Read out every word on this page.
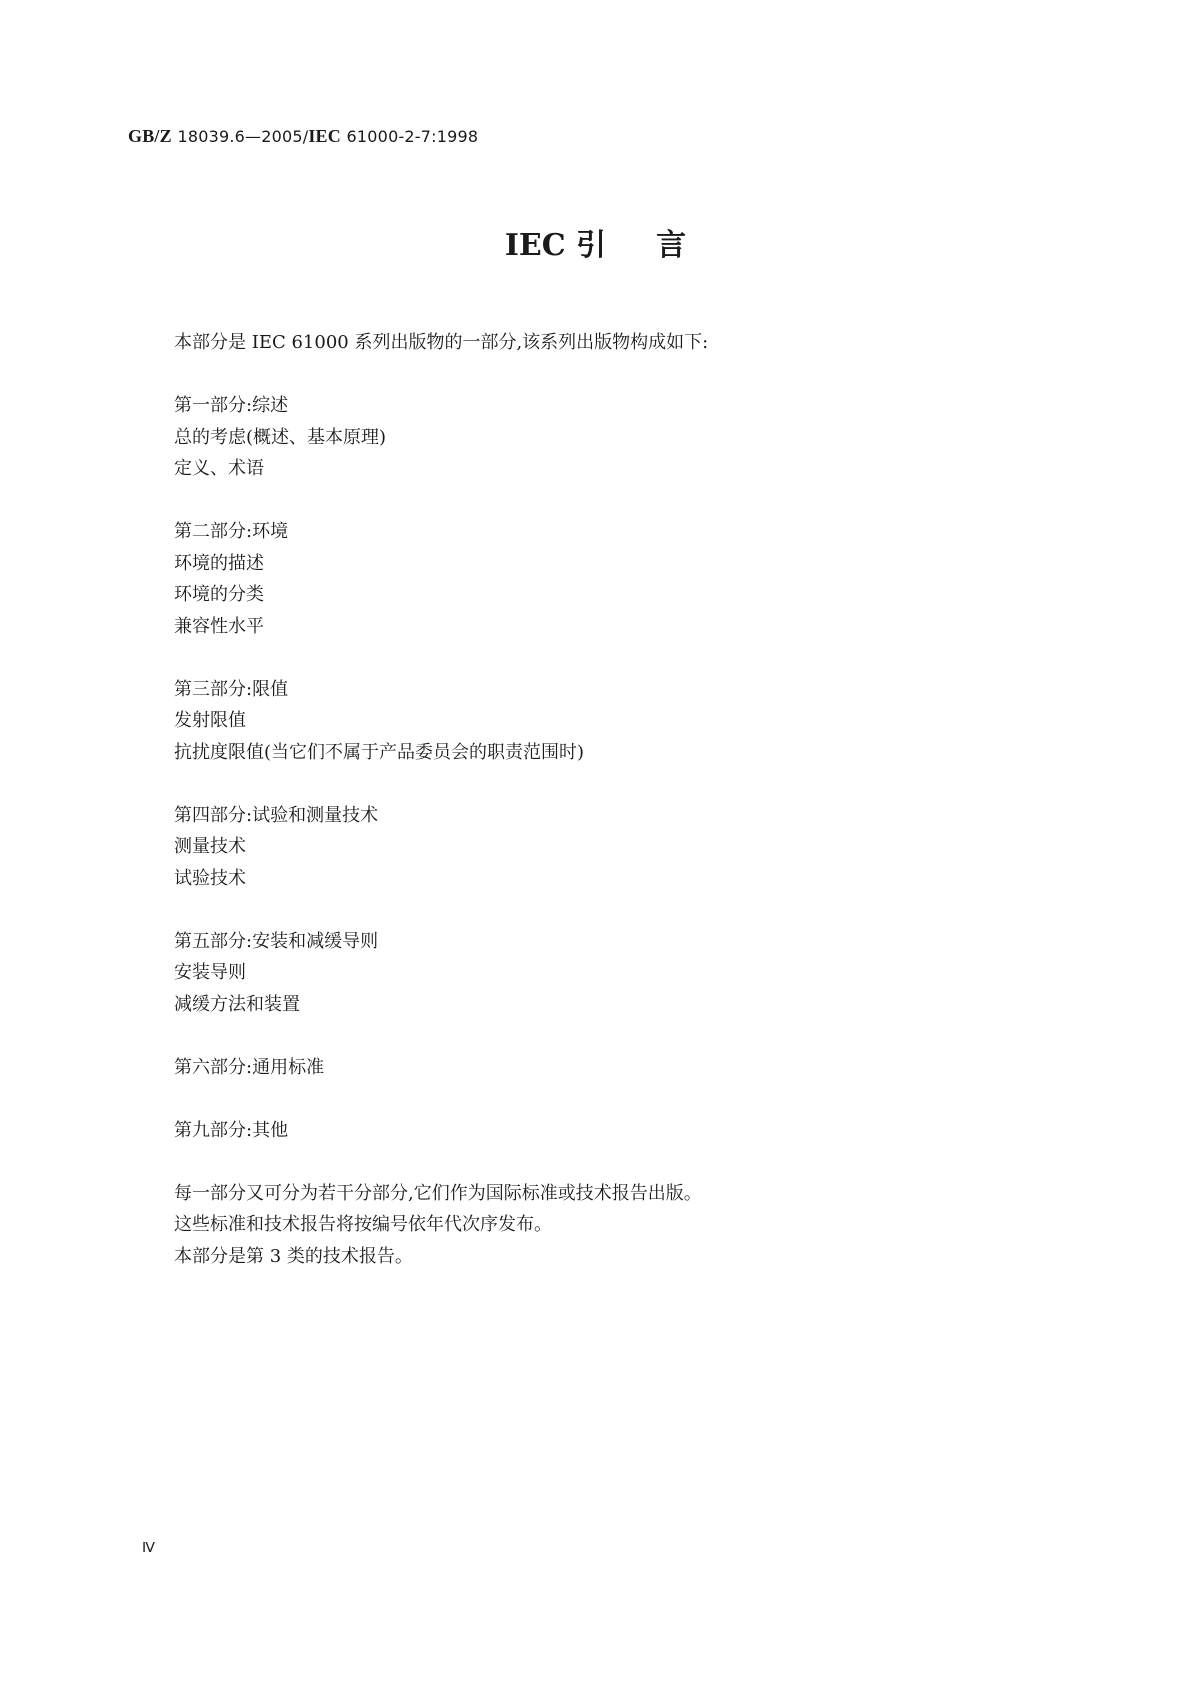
GB/Z 18039.6—2005/IEC 61000-2-7:1998
IEC 引 言
本部分是 IEC 61000 系列出版物的一部分,该系列出版物构成如下:
第一部分:综述
总的考虑(概述、基本原理)
定义、术语
第二部分:环境
环境的描述
环境的分类
兼容性水平
第三部分:限值
发射限值
抗扰度限值(当它们不属于产品委员会的职责范围时)
第四部分:试验和测量技术
测量技术
试验技术
第五部分:安装和减缓导则
安装导则
减缓方法和装置
第六部分:通用标准
第九部分:其他
每一部分又可分为若干分部分,它们作为国际标准或技术报告出版。
这些标准和技术报告将按编号依年代次序发布。
本部分是第 3 类的技术报告。
Ⅳ
